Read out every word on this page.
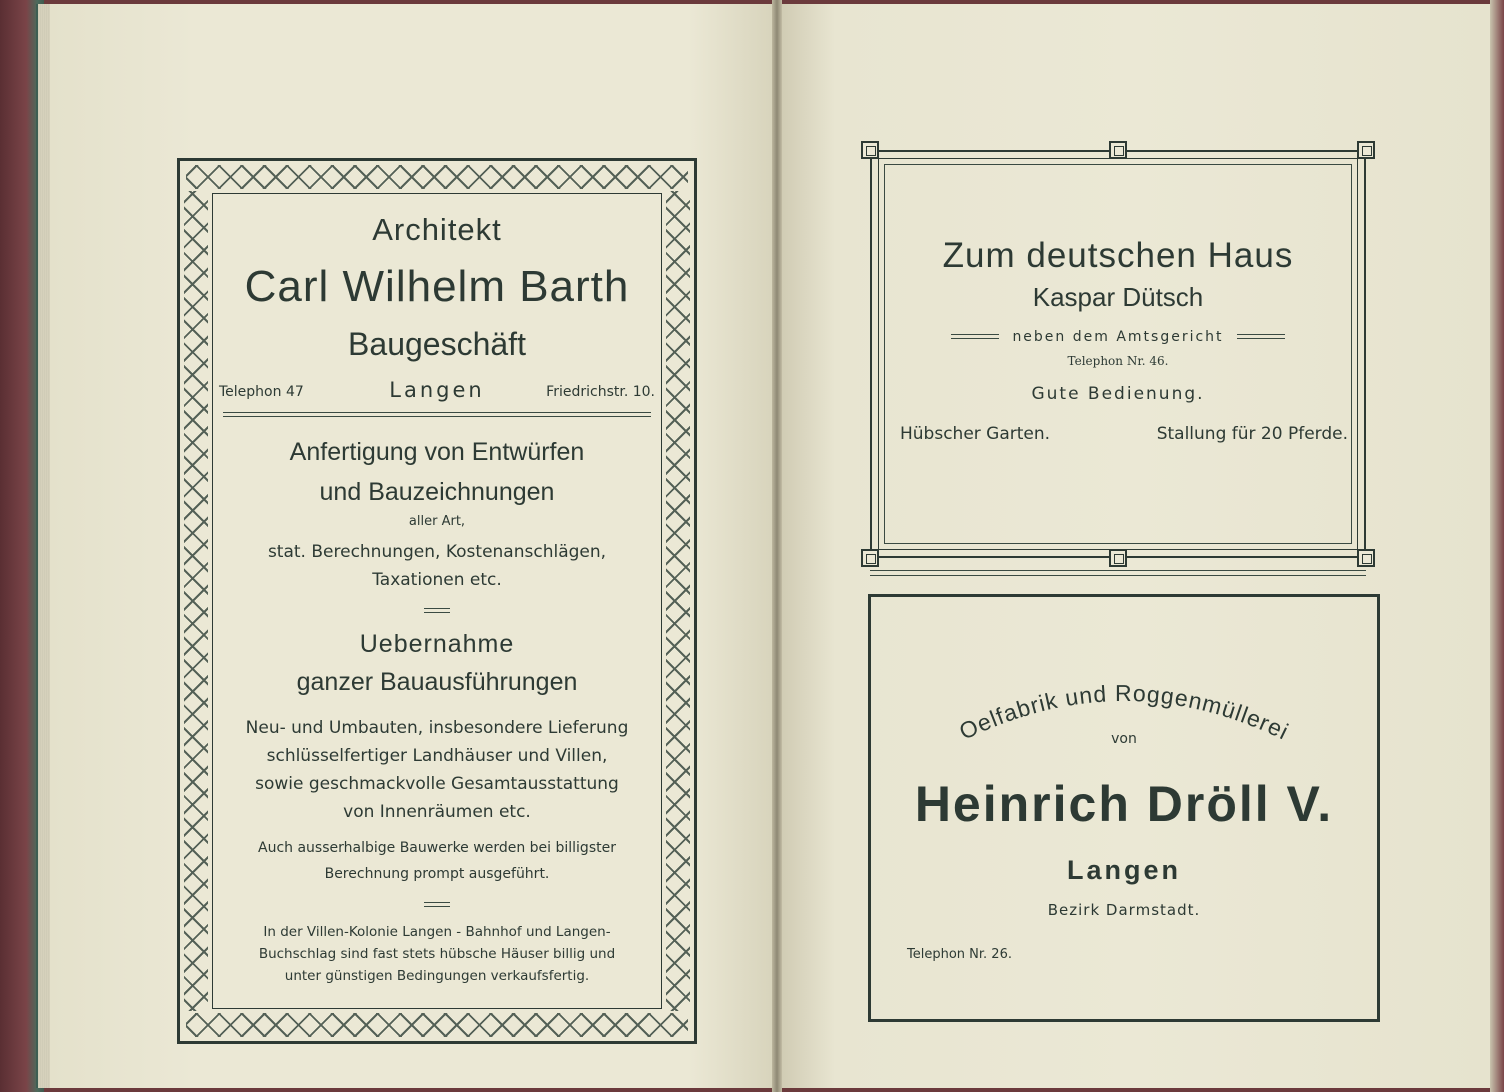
Architekt
Carl Wilhelm Barth
Baugeschäft
Telephon 47	Langen	Friedrichstr. 10.
Anfertigung von Entwürfen
und Bauzeichnungen
aller Art,
stat. Berechnungen, Kostenanschlägen,
Taxationen etc.
Uebernahme
ganzer Bauausführungen
Neu- und Umbauten, insbesondere Lieferung
schlüsselfertiger Landhäuser und Villen,
sowie geschmackvolle Gesamtausstattung
von Innenräumen etc.
Auch ausserhalbige Bauwerke werden bei billigster
Berechnung prompt ausgeführt.
In der Villen-Kolonie Langen - Bahnhof und Langen-
Buchschlag sind fast stets hübsche Häuser billig und
unter günstigen Bedingungen verkaufsfertig.
Zum deutschen Haus
Kaspar Dütsch
neben dem Amtsgericht
Telephon Nr. 46.
Gute Bedienung.
Hübscher Garten.	Stallung für 20 Pferde.
Oelfabrik und Roggenmüllerei
von
Heinrich Dröll V.
Langen
Bezirk Darmstadt.
Telephon Nr. 26.
